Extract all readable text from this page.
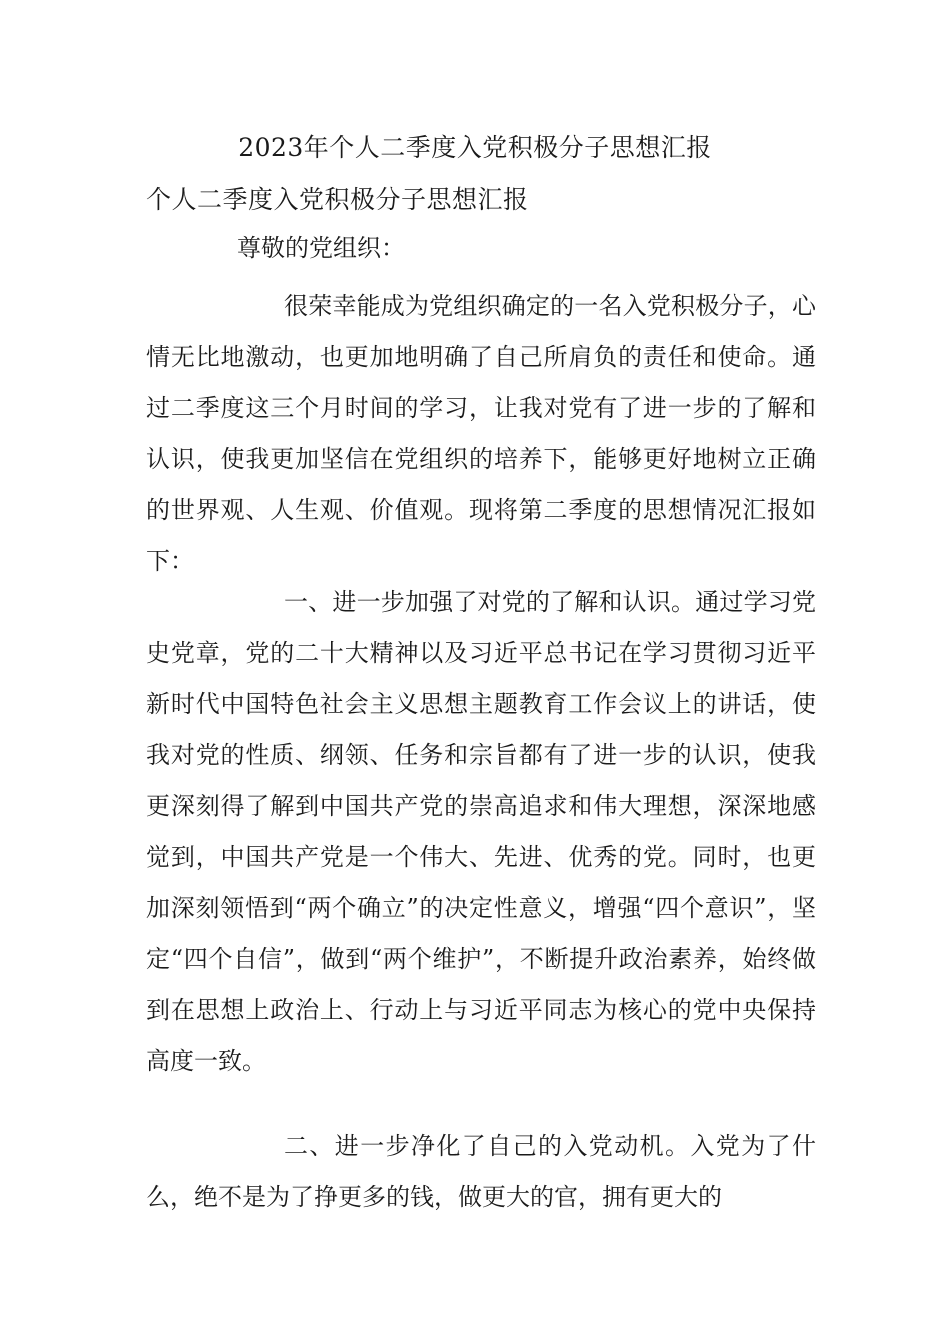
2023年个人二季度入党积极分子思想汇报
个人二季度入党积极分子思想汇报
尊敬的党组织：

很荣幸能成为党组织确定的一名入党积极分子，心情无比地激动，也更加地明确了自己所肩负的责任和使命。通过二季度这三个月时间的学习，让我对党有了进一步的了解和认识，使我更加坚信在党组织的培养下，能够更好地树立正确的世界观、人生观、价值观。现将第二季度的思想情况汇报如下：

一、进一步加强了对党的了解和认识。通过学习党史党章，党的二十大精神以及习近平总书记在学习贯彻习近平新时代中国特色社会主义思想主题教育工作会议上的讲话，使我对党的性质、纲领、任务和宗旨都有了进一步的认识，使我更深刻得了解到中国共产党的崇高追求和伟大理想，深深地感觉到，中国共产党是一个伟大、先进、优秀的党。同时，也更加深刻领悟到“两个确立”的决定性意义，增强“四个意识”，坚定“四个自信”，做到“两个维护”，不断提升政治素养，始终做到在思想上政治上、行动上与习近平同志为核心的党中央保持高度一致。

二、进一步净化了自己的入党动机。入党为了什么，绝不是为了挣更多的钱，做更大的官，拥有更大的
